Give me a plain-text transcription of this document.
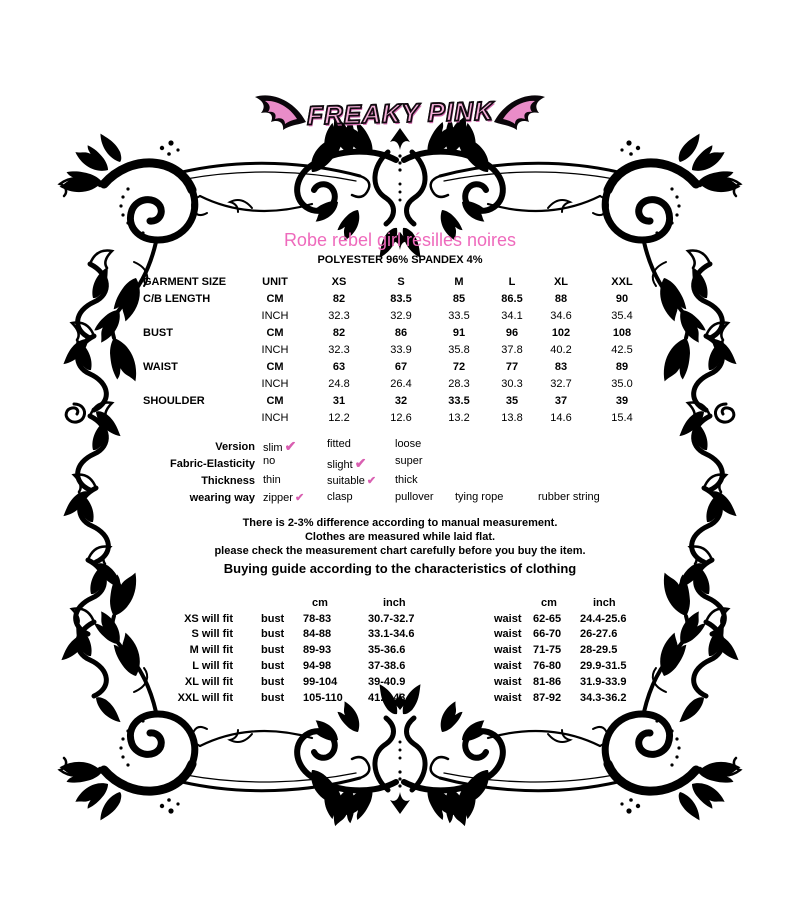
FREAKY PINK
Robe rebel girl résilles noires
POLYESTER 96% SPANDEX 4%
GARMENT SIZE	UNIT	XS	S	M	L	XL	XXL
C/B LENGTH	CM	82	83.5	85	86.5	88	90
INCH	32.3	32.9	33.5	34.1	34.6	35.4
BUST	CM	82	86	91	96	102	108
INCH	32.3	33.9	35.8	37.8	40.2	42.5
WAIST	CM	63	67	72	77	83	89
INCH	24.8	26.4	28.3	30.3	32.7	35.0
SHOULDER	CM	31	32	33.5	35	37	39
INCH	12.2	12.6	13.2	13.8	14.6	15.4
Version slim ✔	fitted	loose
Fabric-Elasticity no	slight ✔	super
Thickness thin	suitable ✔	thick
wearing way zipper ✔	clasp	pullover	tying rope	rubber string

There is 2-3% difference according to manual measurement.

Clothes are measured while laid flat.

please check the measurement chart carefully before you buy the item.

Buying guide according to the characteristics of clothing

cm	inch	cm	inch
XS will fit	bust	78-83	30.7-32.7	waist	62-65	24.4-25.6
S will fit	bust	84-88	33.1-34.6	waist	66-70	26-27.6
M will fit	bust	89-93	35-36.6	waist	71-75	28-29.5
L will fit	bust	94-98	37-38.6	waist	76-80	29.9-31.5
XL will fit	bust	99-104	39-40.9	waist	81-86	31.9-33.9
XXL will fit	bust	105-110	41.3-43.3	waist	87-92	34.3-36.2
